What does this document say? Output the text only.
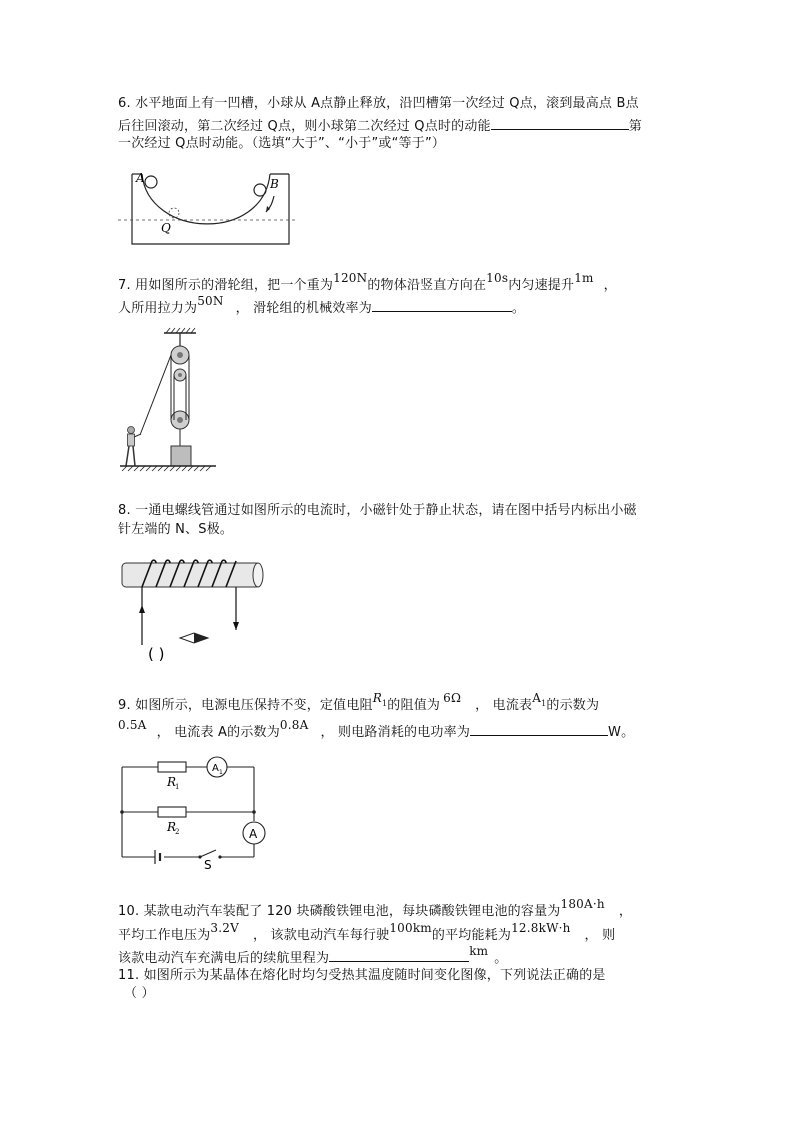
6. 水平地面上有一凹槽，小球从 A点静止释放，沿凹槽第一次经过 Q点，滚到最高点 B点
后往回滚动，第二次经过 Q点，则小球第二次经过 Q点时的动能	第
一次经过 Q点时动能。（选填“大于”、“小于”或“等于”）
A	B
Q
7. 用如图所示的滑轮组，把一个重为120N的物体沿竖直方向在10s内匀速提升1m ，
人所用拉力为50N ， 滑轮组的机械效率为	。
8. 一通电螺线管通过如图所示的电流时，小磁针处于静止状态，请在图中括号内标出小磁
针左端的 N、S极。
( )
9. 如图所示，电源电压保持不变，定值电阻$R^1$的阻值为 6Ω ， 电流表$A^1$的示数为
0.5A ， 电流表 A的示数为0.8A ， 则电路消耗的电功率为	W。
R
1
R
2
A 1
A
S
10. 某款电动汽车装配了 120 块磷酸铁锂电池，每块磷酸铁锂电池的容量为180A·h ，
平均工作电压为3.2V ， 该款电动汽车每行驶100km的平均能耗为12.8kW·h ， 则
该款电动汽车充满电后的续航里程为	km 。
11. 如图所示为某晶体在熔化时均匀受热其温度随时间变化图像，下列说法正确的是
（ ）
